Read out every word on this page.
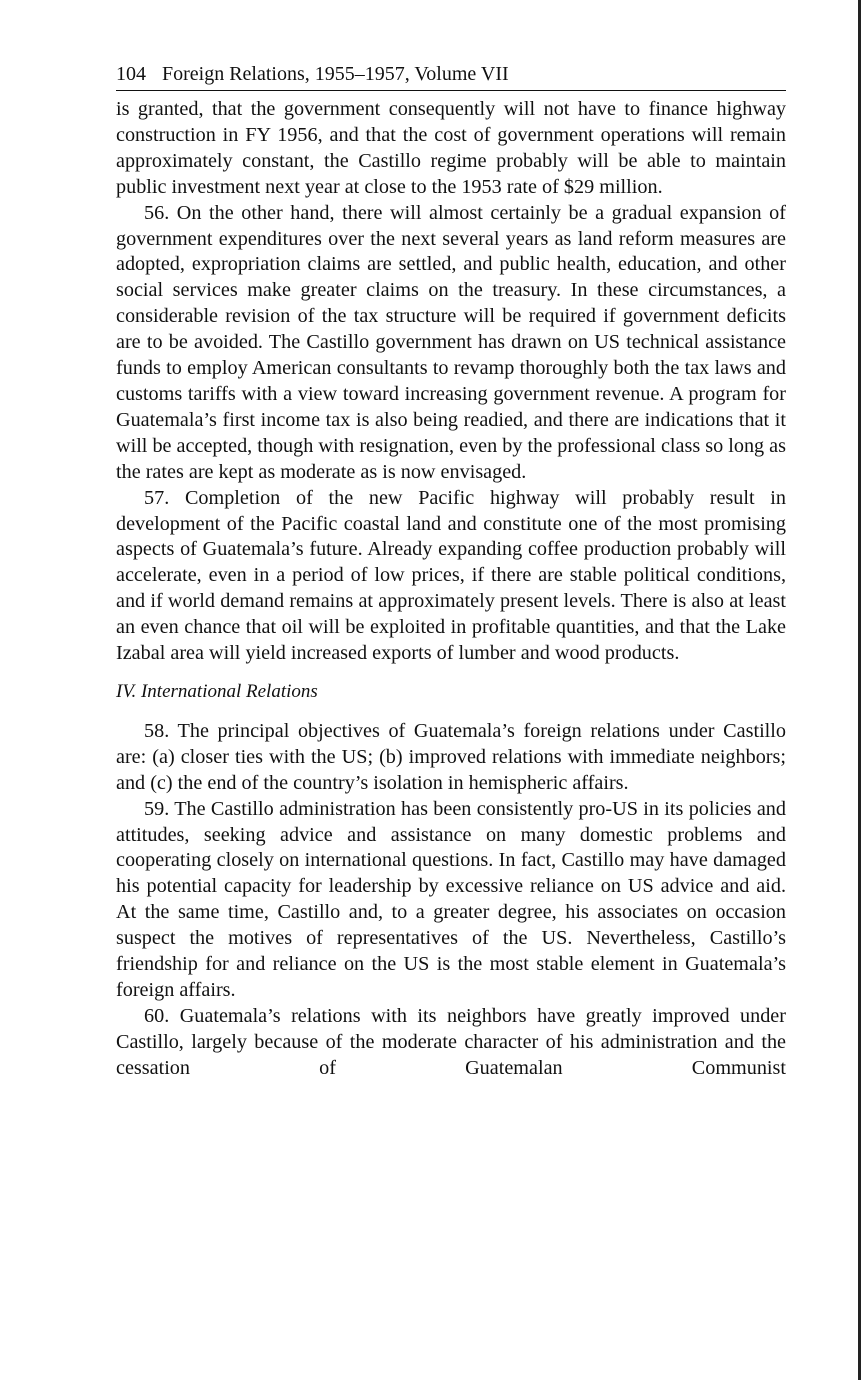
104 Foreign Relations, 1955–1957, Volume VII

is granted, that the government consequently will not have to finance highway construction in FY 1956, and that the cost of government operations will remain approximately constant, the Castillo regime probably will be able to maintain public investment next year at close to the 1953 rate of $29 million.

56. On the other hand, there will almost certainly be a gradual expansion of government expenditures over the next several years as land reform measures are adopted, expropriation claims are settled, and public health, education, and other social services make greater claims on the treasury. In these circumstances, a considerable revision of the tax structure will be required if government deficits are to be avoided. The Castillo government has drawn on US technical assistance funds to employ American consultants to revamp thoroughly both the tax laws and customs tariffs with a view toward increasing government revenue. A program for Guatemala’s first income tax is also being readied, and there are indications that it will be accepted, though with resignation, even by the professional class so long as the rates are kept as moderate as is now envisaged.

57. Completion of the new Pacific highway will probably result in development of the Pacific coastal land and constitute one of the most promising aspects of Guatemala’s future. Already expanding coffee production probably will accelerate, even in a period of low prices, if there are stable political conditions, and if world demand remains at approximately present levels. There is also at least an even chance that oil will be exploited in profitable quantities, and that the Lake Izabal area will yield increased exports of lumber and wood products.

IV. International Relations

58. The principal objectives of Guatemala’s foreign relations under Castillo are: (a) closer ties with the US; (b) improved relations with immediate neighbors; and (c) the end of the country’s isolation in hemispheric affairs.

59. The Castillo administration has been consistently pro-US in its policies and attitudes, seeking advice and assistance on many domestic problems and cooperating closely on international questions. In fact, Castillo may have damaged his potential capacity for leadership by excessive reliance on US advice and aid. At the same time, Castillo and, to a greater degree, his associates on occasion suspect the motives of representatives of the US. Nevertheless, Castillo’s friendship for and reliance on the US is the most stable element in Guatemala’s foreign affairs.

60. Guatemala’s relations with its neighbors have greatly improved under Castillo, largely because of the moderate character of his administration and the cessation of Guatemalan Communist
